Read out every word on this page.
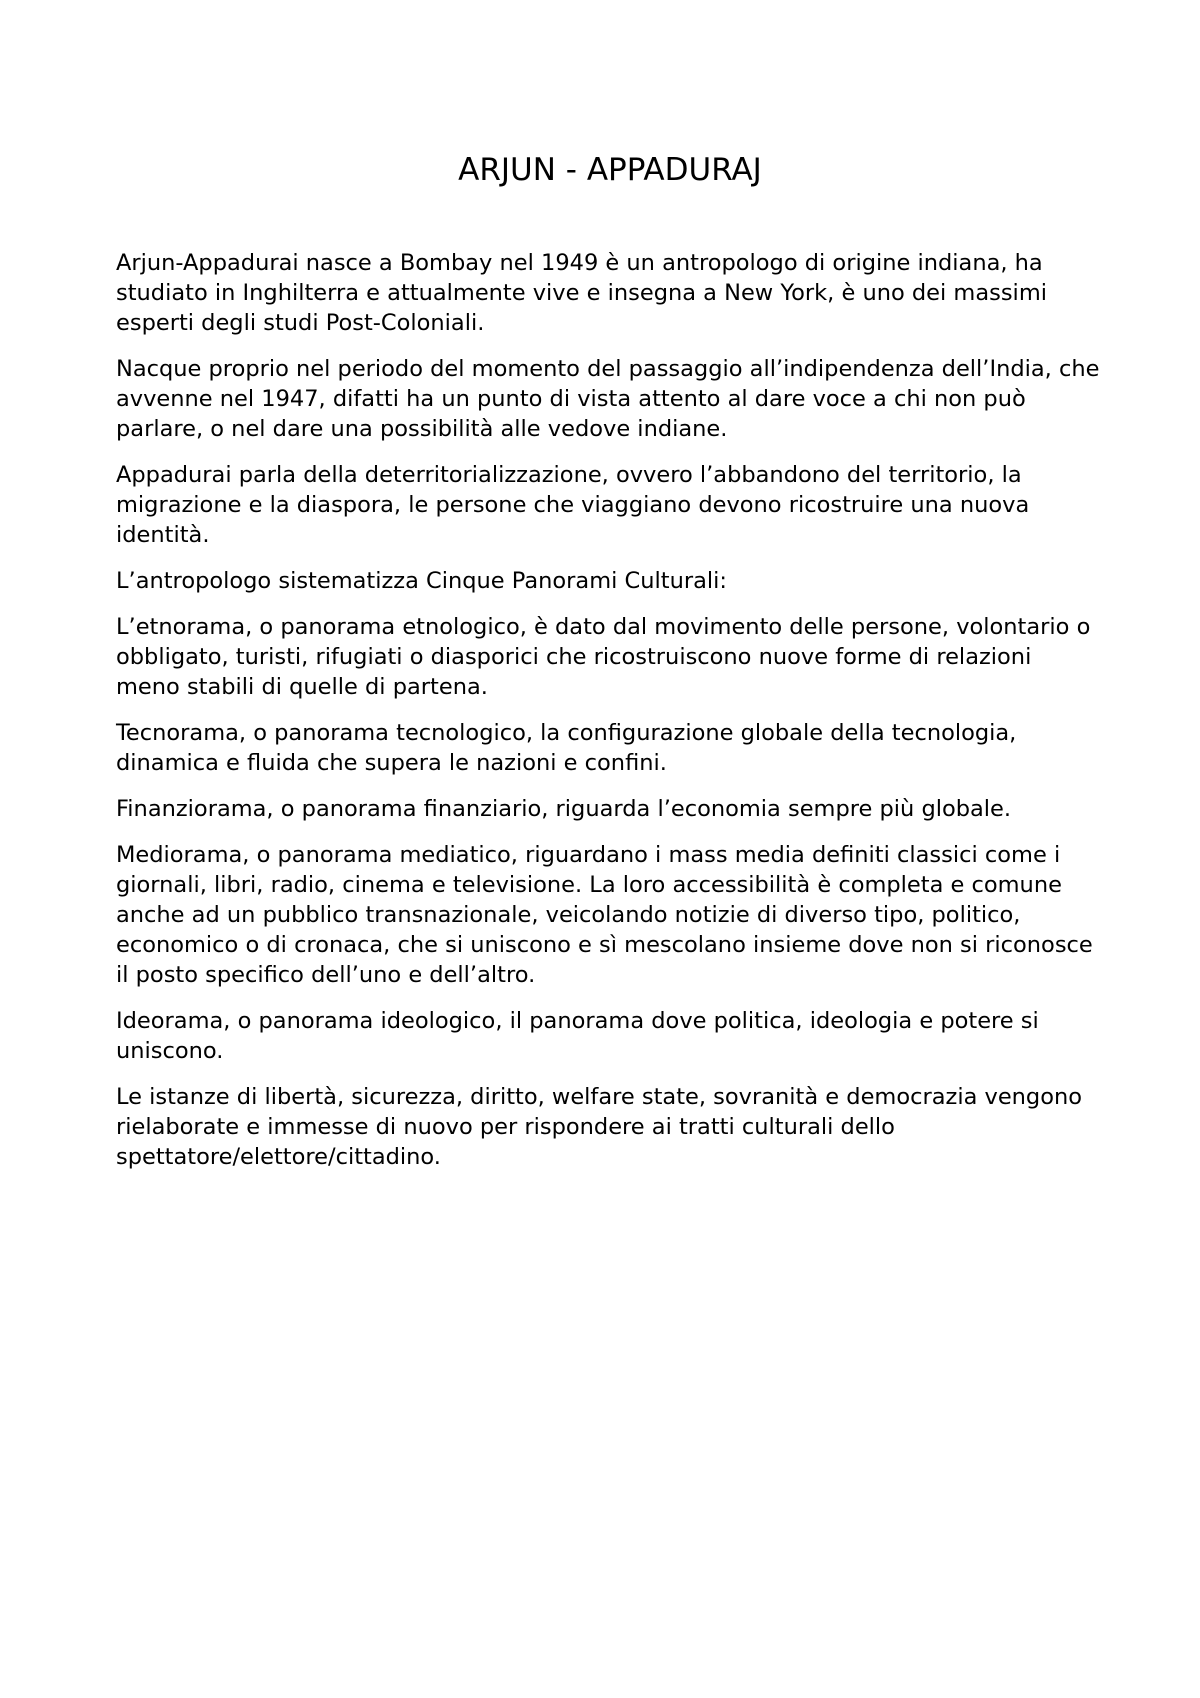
ARJUN - APPADURAJ

Arjun-Appadurai nasce a Bombay nel 1949 è un antropologo di origine indiana, ha studiato in Inghilterra e attualmente vive e insegna a New York, è uno dei massimi esperti degli studi Post-Coloniali.

Nacque proprio nel periodo del momento del passaggio all’indipendenza dell’India, che avvenne nel 1947, difatti ha un punto di vista attento al dare voce a chi non può parlare, o nel dare una possibilità alle vedove indiane.

Appadurai parla della deterritorializzazione, ovvero l’abbandono del territorio, la migrazione e la diaspora, le persone che viaggiano devono ricostruire una nuova identità.

L’antropologo sistematizza Cinque Panorami Culturali:

L’etnorama, o panorama etnologico, è dato dal movimento delle persone, volontario o obbligato, turisti, rifugiati o diasporici che ricostruiscono nuove forme di relazioni meno stabili di quelle di partena.

Tecnorama, o panorama tecnologico, la configurazione globale della tecnologia, dinamica e fluida che supera le nazioni e confini.

Finanziorama, o panorama finanziario, riguarda l’economia sempre più globale.

Mediorama, o panorama mediatico, riguardano i mass media definiti classici come i giornali, libri, radio, cinema e televisione. La loro accessibilità è completa e comune anche ad un pubblico transnazionale, veicolando notizie di diverso tipo, politico, economico o di cronaca, che si uniscono e sì mescolano insieme dove non si riconosce il posto specifico dell’uno e dell’altro.

Ideorama, o panorama ideologico, il panorama dove politica, ideologia e potere si uniscono.

Le istanze di libertà, sicurezza, diritto, welfare state, sovranità e democrazia vengono rielaborate e immesse di nuovo per rispondere ai tratti culturali dello spettatore/elettore/cittadino.
